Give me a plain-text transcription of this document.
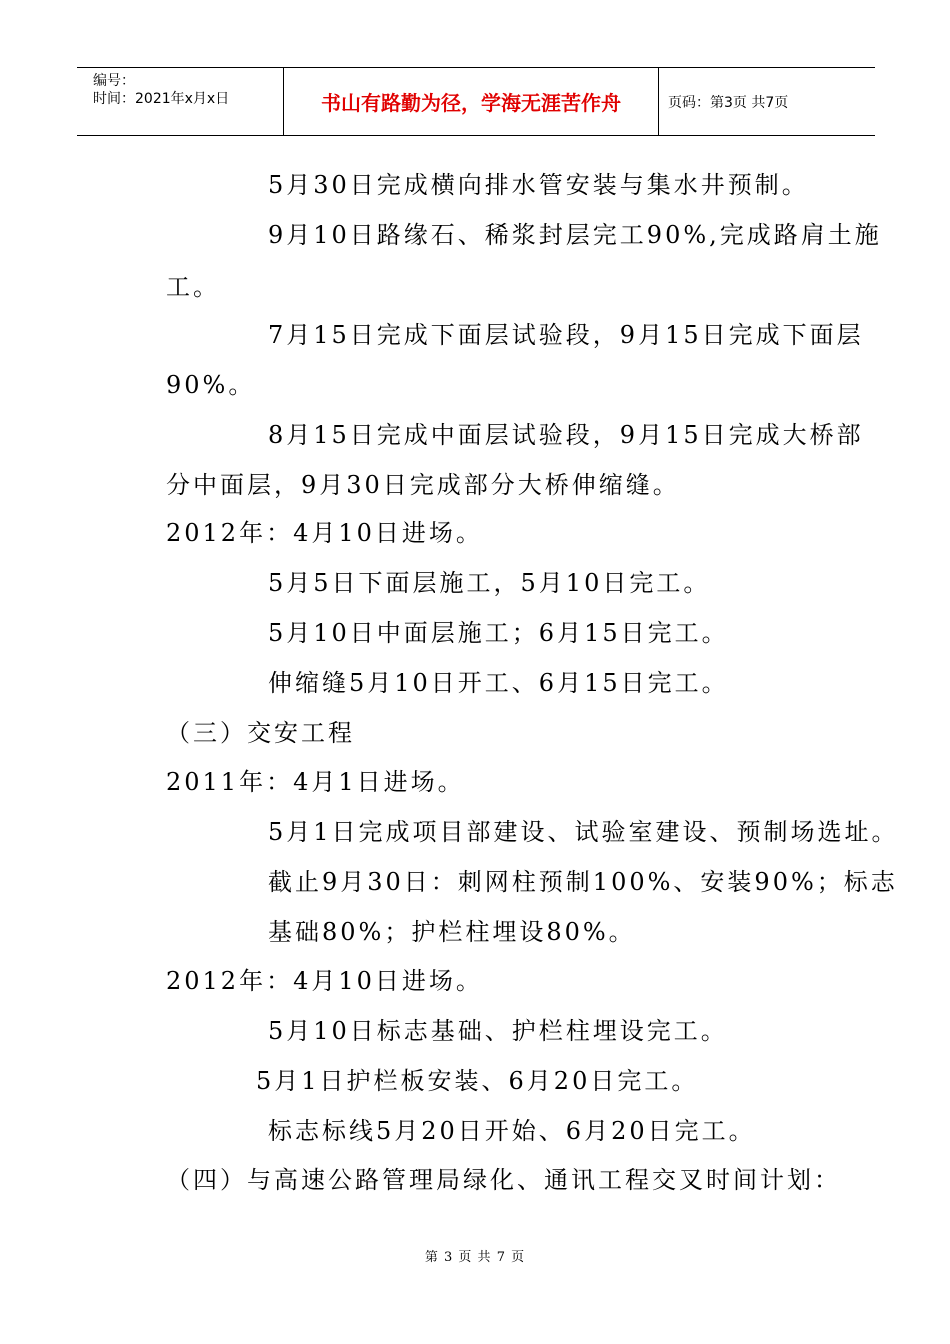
编号：
时间：2021年x月x日	书山有路勤为径，学海无涯苦作舟	页码：第3页 共7页
5月30日完成横向排水管安装与集水井预制。
9月10日路缘石、稀浆封层完工90%,完成路肩土施
工。
7月15日完成下面层试验段，9月15日完成下面层
90%。
8月15日完成中面层试验段，9月15日完成大桥部
分中面层，9月30日完成部分大桥伸缩缝。
2012年：4月10日进场。
5月5日下面层施工，5月10日完工。
5月10日中面层施工；6月15日完工。
伸缩缝5月10日开工、6月15日完工。
（三）交安工程
2011年：4月1日进场。
5月1日完成项目部建设、试验室建设、预制场选址。
截止9月30日：刺网柱预制100%、安装90%；标志
基础80%；护栏柱埋设80%。
2012年：4月10日进场。
5月10日标志基础、护栏柱埋设完工。
5月1日护栏板安装、6月20日完工。
标志标线5月20日开始、6月20日完工。
（四）与高速公路管理局绿化、通讯工程交叉时间计划：
第 3 页 共 7 页
